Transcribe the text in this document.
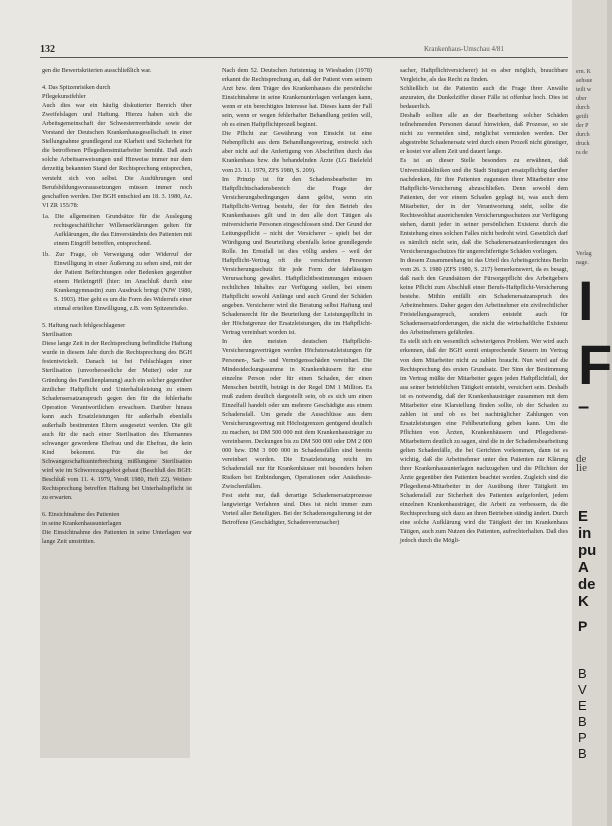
132	Krankenhaus-Umschau 4/81

gen die Bewertskriterien ausschließlich war.

4. Das Spitzenrisiken durch
Pflegekunstfehler

Auch dies war ein häufig diskutierter Bereich über Zweifelslagen und Haftung. Hierzu haben sich die Arbeitsgemeinschaft der Schwesternverbände sowie der Vorstand der Deutschen Krankenhausgesellschaft in einer Stellungnahme grundlegend zur Klarheit und Sicherheit für die betroffenen Pflegedienstmitarbeiter bemüht. Daß auch solche Arbeitsanweisungen und Hinweise immer nur dem derzeitig bekannten Stand der Rechtsprechung entsprechen, versteht sich von selbst. Die Ausführungen und Berufsbildungsvoraussetzungen müssen immer noch geschaffen werden. Der BGH entschied am 18. 3. 1980, Az. VI ZR 155/78:

1a. Die allgemeinen Grundsätze für die Auslegung rechtsgeschäftlicher Willenserklärungen gelten für Aufklärungen, die das Einverständnis des Patienten mit einem Eingriff betreffen, entsprechend.

1b. Zur Frage, ob Verweigung oder Widerruf der Einwilligung in einer Äußerung zu sehen sind, mit der der Patient Befürchtungen oder Bedenken gegenüber einem Heileingriff (hier: im Anschluß durch eine Krankengymnastin) zum Ausdruck bringt (NJW 1980, S. 1903). Hier geht es um die Form des Widerrufs einer einmal erteilten Einwilligung, z.B. vom Spitzenrisiko.

5. Haftung nach fehlgeschlagener
Sterilisation

Diese lange Zeit in der Rechtsprechung befindliche Haftung wurde in diesem Jahr durch die Rechtsprechung des BGH festentwickelt. Danach ist bei Fehlschlagen einer Sterilisation (unvorherseeliche der Mutter) oder zur Gründung des Familienplanung) auch ein solcher gegenüber ärztlicher Haftpflicht und Unterhaltsleistung zu einem Schadensersatzanspruch gegen den für die fehlerhafte Operation Verantwortlichen erwachsen. Darüber hinaus kann auch Ersatzleistungen für außerhalb ebenfalls außerhalb bestimmten Eltern ausgesetzt werden. Die gilt auch für die nach einer Sterilisation des Ehemannes schwanger gewordene Ehefrau und die Ehefrau, die kein Kind bekommt. Für die bei der Schwangerschaftsunterbrechung mißlungene Sterilisation wird wie im Schwerezugsgebot gebaut (Beschluß des BGH: Beschluß vom 11. 4. 1979, VersR 1980, Heft 22). Weitere Rechtsprechung betreffen Haftung bei Unterhaltspflicht ist zu erwarten.

6. Einsichtnahme des Patienten
in seine Krankenhausunterlagen

Die Einsichtnahme des Patienten in seine Unterlagen war lange Zeit umstritten.

Nach dem 52. Deutschen Juristentag in Wiesbaden (1978) erkannt die Rechtsprechung an, daß der Patient vom seinem Arzt bzw. dem Träger des Krankenhauses die persönliche Einsichtnahme in seine Krankenunterlagen verlangen kann, wenn er ein berechtigtes Interesse hat. Dieses kann der Fall sein, wenn er wegen fehlerhafter Behandlung prüfen will, ob es einen Haftpflichtprozeß beginnt.

Die Pflicht zur Gewährung von Einsicht ist eine Nebenpflicht aus dem Behandlungsvertrag, erstreckt sich aber nicht auf die Anfertigung von Abschriften durch das Krankenhaus bzw. die behandelnden Ärzte (LG Bielefeld vom 23. 11. 1979, ZFS 1980, S. 209).

Im Prinzip ist für den Schadensbearbeiter im Haftpflichtschadensbereich die Frage der Versicherungsbedingungen dann gelöst, wenn ein Haftpflicht-Vertrag besteht, der für den Betrieb des Krankenhauses gilt und in den alle dort Tätigen als mitversicherte Personen eingeschlossen sind. Der Grund der Leitungspflicht – nicht der Versicherer – spielt bei der Würdigung und Beurteilung ebenfalls keine grundlegende Rolle. Im Ernstfall ist dies völlig anders – weil der Haftpflicht-Vertrag oft die versicherten Personen Versicherungsschutz für jede Form der fahrlässigen Verursachung gewährt. Haftpflichtbestimmungen müssen rechtlichen Inhaltes zur Verfügung stellen, bei einem Haftpflicht sowohl Anfänge und auch Grund der Schäden angeben. Versicherer wird die Beratung selbst Haftung und Schadensrecht für die Beurteilung der Leistungspflicht in der Höchstgrenze der Ersatzleistungen, die im Haftpflicht-Vertrag vereinbart worden ist.

In den meisten deutschen Haftpflicht-Versicherungsverträgen werden Höchstersatzleistungen für Personen-, Sach- und Vermögensschäden vereinbart. Die Mindestdeckungssumme in Krankenhäusern für eine einzelne Person oder für einen Schaden, der einen Menschen betrifft, beträgt in der Regel DM 1 Million. Es muß zudem deutlich dargestellt sein, ob es sich um einen Einzelfall handelt oder um mehrere Geschädigte aus einem Schadensfall. Um gerade die Ausschlüsse aus dem Versicherungsvertrag mit Höchstgrenzen genügend deutlich zu machen, ist DM 500 000 mit dem Krankenhausträger zu vereinbaren. Deckungen bis zu DM 500 000 oder DM 2 000 000 bzw. DM 3 000 000 in Schadensfällen sind bereits vereinbart worden. Die Ersatzleistung reicht im Schadensfall nur für Krankenhäuser mit besonders hohen Risiken bei Entbindungen, Operationen oder Anästhesie-Zwischenfällen.

Fest steht nur, daß derartige Schadensersatzprozesse langwierige Verfahren sind. Dies ist nicht immer zum Vorteil aller Beteiligten. Bei der Schadensregulierung ist der Betroffene (Geschädigter, Schadenverursacher)

sacher, Haftpflichtversicherer) ist es aber möglich, brauchbare Vergleiche, als das Recht zu finden.

Schließlich ist die Patientin auch die Frage ihrer Anwälte anzuraten, die Dunkelziffer dieser Fälle ist offenbar hoch. Dies ist bedauerlich.

Deshalb sollten alle an der Bearbeitung solcher Schäden teilnehmenden Personen darauf hinwirken, daß Prozesse, so sie nicht zu vermeiden sind, möglichst vermieden werden. Der abgestrebte Schadenersatz wird durch einen Prozeß nicht günstiger, er kostet vor allem Zeit und dauert lange.

Es ist an dieser Stelle besonders zu erwähnen, daß Universitätskliniken und die Stadt Stuttgart ersatzpflichtig darüber nachdenken, für ihre Patienten zugunsten ihrer Mitarbeiter eine Haftpflicht-Versicherung abzuschließen. Denn sowohl dem Patienten, der vor einem Schaden geplagt ist, was auch dem Mitarbeiter, der in der Verantwortung steht, sollte die Rechtswohltat ausreichenden Versicherungsschutzes zur Verfügung stehen, damit jeder in seiner persönlichen Existenz durch die Entstehung eines solchen Falles nicht bedroht wird. Gesetzlich darf es nämlich nicht sein, daß die Schadenersatzanforderungen des Versicherungsschutzes für ungerechtfertigte Schäden vorliegen.

In diesem Zusammenhang ist das Urteil des Arbeitsgerichtes Berlin vom 26. 3. 1980 (ZFS 1980, S. 217) bemerkenswert, da es besagt, daß nach den Grundsätzen der Fürsorgepflicht des Arbeitgebers keine Pflicht zum Abschluß einer Berufs-Haftpflicht-Versicherung bestehe. Mithin entfällt ein Schadenersatzanspruch des Arbeitnehmers. Daher gegen den Arbeitnehmer ein zivilrechtlicher Freistellungsanspruch, sondern entsteht auch für Schadensersatzforderungen, die nicht die wirtschaftliche Existenz des Arbeitnehmers gefährden.

Es stellt sich ein wesentlich schwierigeres Problem. Wer wird auch erkennen, daß der BGH somit entsprechende Steuern im Vertrag von dem Mitarbeiter nicht zu zahlen braucht. Nun wird auf die Rechtsprechung des ersten Grundsatz. Der Sinn der Bestimmung im Vertrag müßte der Mitarbeiter gegen jeden Haftpflichtfall, der aus seiner betrieblichen Tätigkeit entsteht, versichert sein. Deshalb ist es notwendig, daß der Krankenhausträger zusammen mit dem Mitarbeiter eine Klarstellung finden sollte, ob der Schaden zu zahlen ist und ob es bei nachträglicher Zahlungen von Ersatzleistungen eine Fehlbeurteilung geben kann. Um die Pflichten von Ärzten, Krankenhäusern und Pflegedienst-Mitarbeitern deutlich zu sagen, sind die in der Schadensbearbeitung gelten Schadenfälle, die bei Gerichten vorkommen, dann ist es wichtig, daß die Arbeitnehmer unter den Patienten zur Klärung ihrer Krankenhausunterlagen nachzugehen und die Pflichten der Ärzte gegenüber den Patienten beachtet werden. Zugleich sind die Pflegedienst-Mitarbeiter in der Ausübung ihrer Tätigkeit im Schadensfall zur Sicherheit des Patienten aufgefordert, jedem einzelnen Krankenhausträger, die Arbeit zu verbessern, da die Rechtsprechung sich dazu an ihren Betrieben ständig ändert. Durch eine solche Aufklärung wird die Tätigkeit der im Krankenhaus Tätigen, auch zum Nutzen des Patienten, aufrechterhalten. Daß dies jedoch durch die Mögli-

ern. K
aehsue
teilt w
uber
durch
getilt
der P
durch
druck
ra de
Verlag
nage.
I
F
–
de
lie
E
in
pu
A
de
K
P
B
V
E
B
P
B
